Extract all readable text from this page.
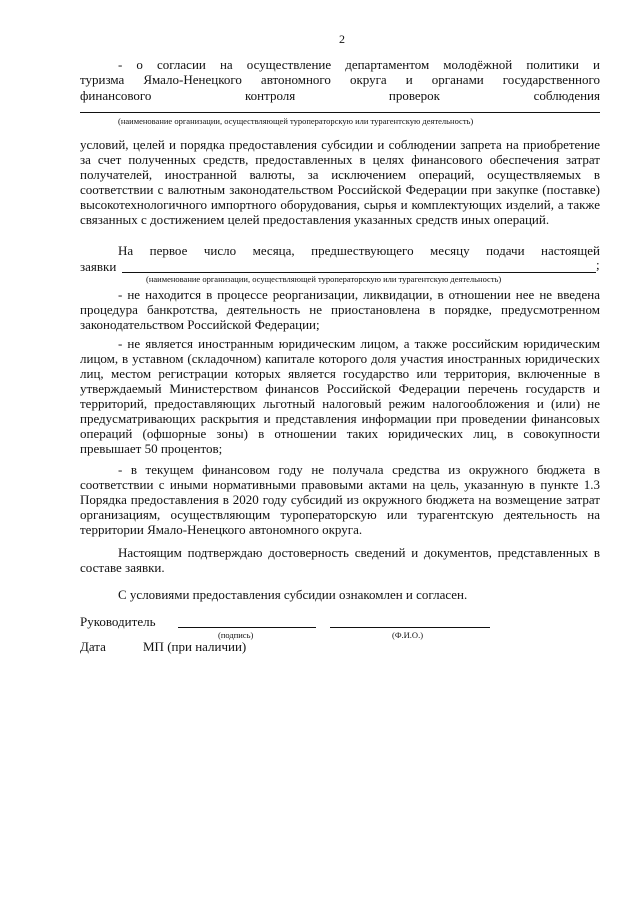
2
- о согласии на осуществление департаментом молодёжной политики и
туризма Ямало-Ненецкого автономного округа и органами государственного
финансового контроля проверок соблюдения
(наименование организации, осуществляющей туроператорскую или турагентскую деятельность)
условий, целей и порядка предоставления субсидии и соблюдении запрета на приобретение за счет полученных средств, предоставленных в целях финансового обеспечения затрат получателей, иностранной валюты, за исключением операций, осуществляемых в соответствии с валютным законодательством Российской Федерации при закупке (поставке) высокотехнологичного импортного оборудования, сырья и комплектующих изделий, а также связанных с достижением целей предоставления указанных средств иных операций.
На первое число месяца, предшествующего месяцу подачи настоящей
заявки	;
(наименование организации, осуществляющей туроператорскую или турагентскую деятельность)
- не находится в процессе реорганизации, ликвидации, в отношении нее не введена процедура банкротства, деятельность не приостановлена в порядке, предусмотренном законодательством Российской Федерации;
- не является иностранным юридическим лицом, а также российским юридическим лицом, в уставном (складочном) капитале которого доля участия иностранных юридических лиц, местом регистрации которых является государство или территория, включенные в утверждаемый Министерством финансов Российской Федерации перечень государств и территорий, предоставляющих льготный налоговый режим налогообложения и (или) не предусматривающих раскрытия и представления информации при проведении финансовых операций (офшорные зоны) в отношении таких юридических лиц, в совокупности превышает 50 процентов;
- в текущем финансовом году не получала средства из окружного бюджета в соответствии с иными нормативными правовыми актами на цель, указанную в пункте 1.3 Порядка предоставления в 2020 году субсидий из окружного бюджета на возмещение затрат организациям, осуществляющим туроператорскую или турагентскую деятельность на территории Ямало-Ненецкого автономного округа.
Настоящим подтверждаю достоверность сведений и документов, представленных в составе заявки.
С условиями предоставления субсидии ознакомлен и согласен.
Руководитель
(подпись)	(Ф.И.О.)
Дата	МП (при наличии)
